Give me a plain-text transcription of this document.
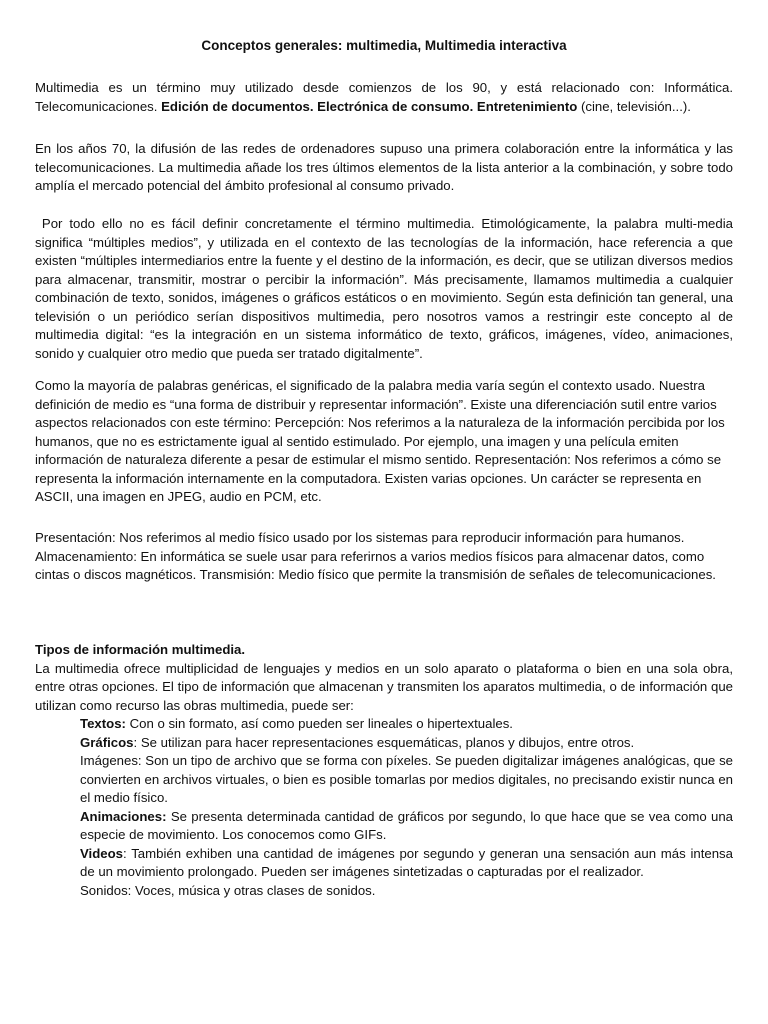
Conceptos generales: multimedia, Multimedia interactiva
Multimedia es un término muy utilizado desde comienzos de los 90, y está relacionado con: Informática. Telecomunicaciones. Edición de documentos. Electrónica de consumo. Entretenimiento (cine, televisión...).
En los años 70, la difusión de las redes de ordenadores supuso una primera colaboración entre la informática y las telecomunicaciones. La multimedia añade los tres últimos elementos de la lista anterior a la combinación, y sobre todo amplía el mercado potencial del ámbito profesional al consumo privado.
Por todo ello no es fácil definir concretamente el término multimedia. Etimológicamente, la palabra multi-media significa “múltiples medios”, y utilizada en el contexto de las tecnologías de la información, hace referencia a que existen “múltiples intermediarios entre la fuente y el destino de la información, es decir, que se utilizan diversos medios para almacenar, transmitir, mostrar o percibir la información”. Más precisamente, llamamos multimedia a cualquier combinación de texto, sonidos, imágenes o gráficos estáticos o en movimiento. Según esta definición tan general, una televisión o un periódico serían dispositivos multimedia, pero nosotros vamos a restringir este concepto al de multimedia digital: “es la integración en un sistema informático de texto, gráficos, imágenes, vídeo, animaciones, sonido y cualquier otro medio que pueda ser tratado digitalmente”.
Como la mayoría de palabras genéricas, el significado de la palabra media varía según el contexto usado. Nuestra definición de medio es “una forma de distribuir y representar información”. Existe una diferenciación sutil entre varios aspectos relacionados con este término: Percepción: Nos referimos a la naturaleza de la información percibida por los humanos, que no es estrictamente igual al sentido estimulado. Por ejemplo, una imagen y una película emiten información de naturaleza diferente a pesar de estimular el mismo sentido. Representación: Nos referimos a cómo se representa la información internamente en la computadora. Existen varias opciones. Un carácter se representa en ASCII, una imagen en JPEG, audio en PCM, etc.
Presentación: Nos referimos al medio físico usado por los sistemas para reproducir información para humanos. Almacenamiento: En informática se suele usar para referirnos a varios medios físicos para almacenar datos, como cintas o discos magnéticos. Transmisión: Medio físico que permite la transmisión de señales de telecomunicaciones.
Tipos de información multimedia.
La multimedia ofrece multiplicidad de lenguajes y medios en un solo aparato o plataforma o bien en una sola obra, entre otras opciones. El tipo de información que almacenan y transmiten los aparatos multimedia, o de información que utilizan como recurso las obras multimedia, puede ser:
Textos: Con o sin formato, así como pueden ser lineales o hipertextuales.
Gráficos: Se utilizan para hacer representaciones esquemáticas, planos y dibujos, entre otros.
Imágenes: Son un tipo de archivo que se forma con píxeles. Se pueden digitalizar imágenes analógicas, que se convierten en archivos virtuales, o bien es posible tomarlas por medios digitales, no precisando existir nunca en el medio físico.
Animaciones: Se presenta determinada cantidad de gráficos por segundo, lo que hace que se vea como una especie de movimiento. Los conocemos como GIFs.
Videos: También exhiben una cantidad de imágenes por segundo y generan una sensación aun más intensa de un movimiento prolongado. Pueden ser imágenes sintetizadas o capturadas por el realizador.
Sonidos: Voces, música y otras clases de sonidos.
